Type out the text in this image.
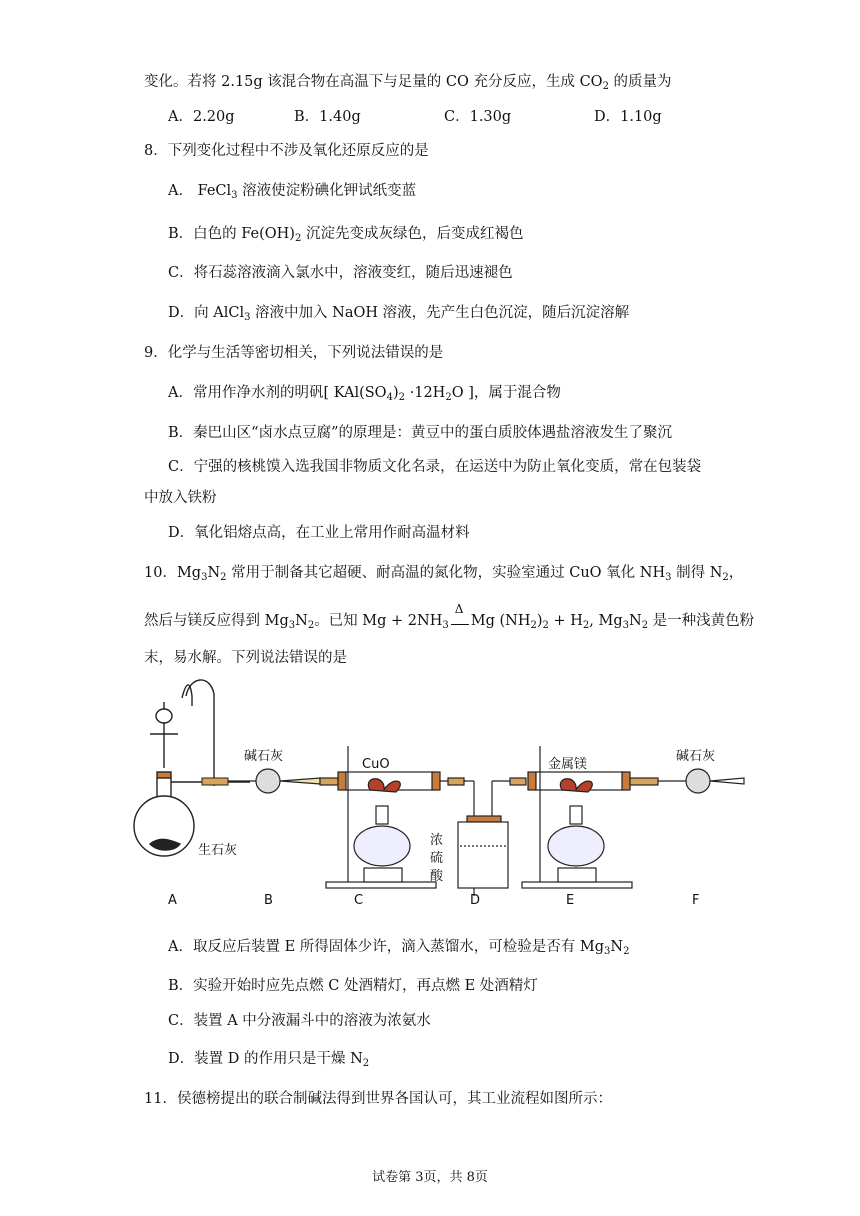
变化。若将 2.15g 该混合物在高温下与足量的 CO 充分反应，生成 $CO_2$ 的质量为
A．2.20g	B．1.40g	C．1.30g	D．1.10g
8．下列变化过程中不涉及氧化还原反应的是
A． FeCl$_3$ 溶液使淀粉碘化钾试纸变蓝
B．白色的 $Fe(OH)_2$ 沉淀先变成灰绿色，后变成红褐色
C．将石蕊溶液滴入氯水中，溶液变红，随后迅速褪色
D．向 AlCl$_3$ 溶液中加入 NaOH 溶液，先产生白色沉淀，随后沉淀溶解
9．化学与生活等密切相关，下列说法错误的是
A．常用作净水剂的明矾[ $KAl(SO_4)_2 \cdot 12H_2O$ ]，属于混合物
B．秦巴山区“卤水点豆腐”的原理是：黄豆中的蛋白质胶体遇盐溶液发生了聚沉
C．宁强的核桃馍入选我国非物质文化名录，在运送中为防止氧化变质，常在包装袋
中放入铁粉
D．氧化铝熔点高，在工业上常用作耐高温材料
10．$Mg_3N_2$ 常用于制备其它超硬、耐高温的氮化物，实验室通过 CuO 氧化 $NH_3$ 制得 $N_2$，
然后与镁反应得到 $Mg_3N_2$。已知 $Mg + 2NH_3$
Δ
Mg $(NH_2)_2 + H_2$, $Mg_3N_2$ 是一种浅黄色粉
末，易水解。下列说法错误的是
生石灰
碱石灰
CuO
浓
硫
酸
金属镁
碱石灰
A	B	C	D	E	F
A．取反应后装置 E 所得固体少许，滴入蒸馏水，可检验是否有 $Mg_3N_2$
B．实验开始时应先点燃 C 处酒精灯，再点燃 E 处酒精灯
C．装置 A 中分液漏斗中的溶液为浓氨水
D．装置 D 的作用只是干燥 $N_2$
11．侯德榜提出的联合制碱法得到世界各国认可，其工业流程如图所示：
试卷第 3页，共 8页
